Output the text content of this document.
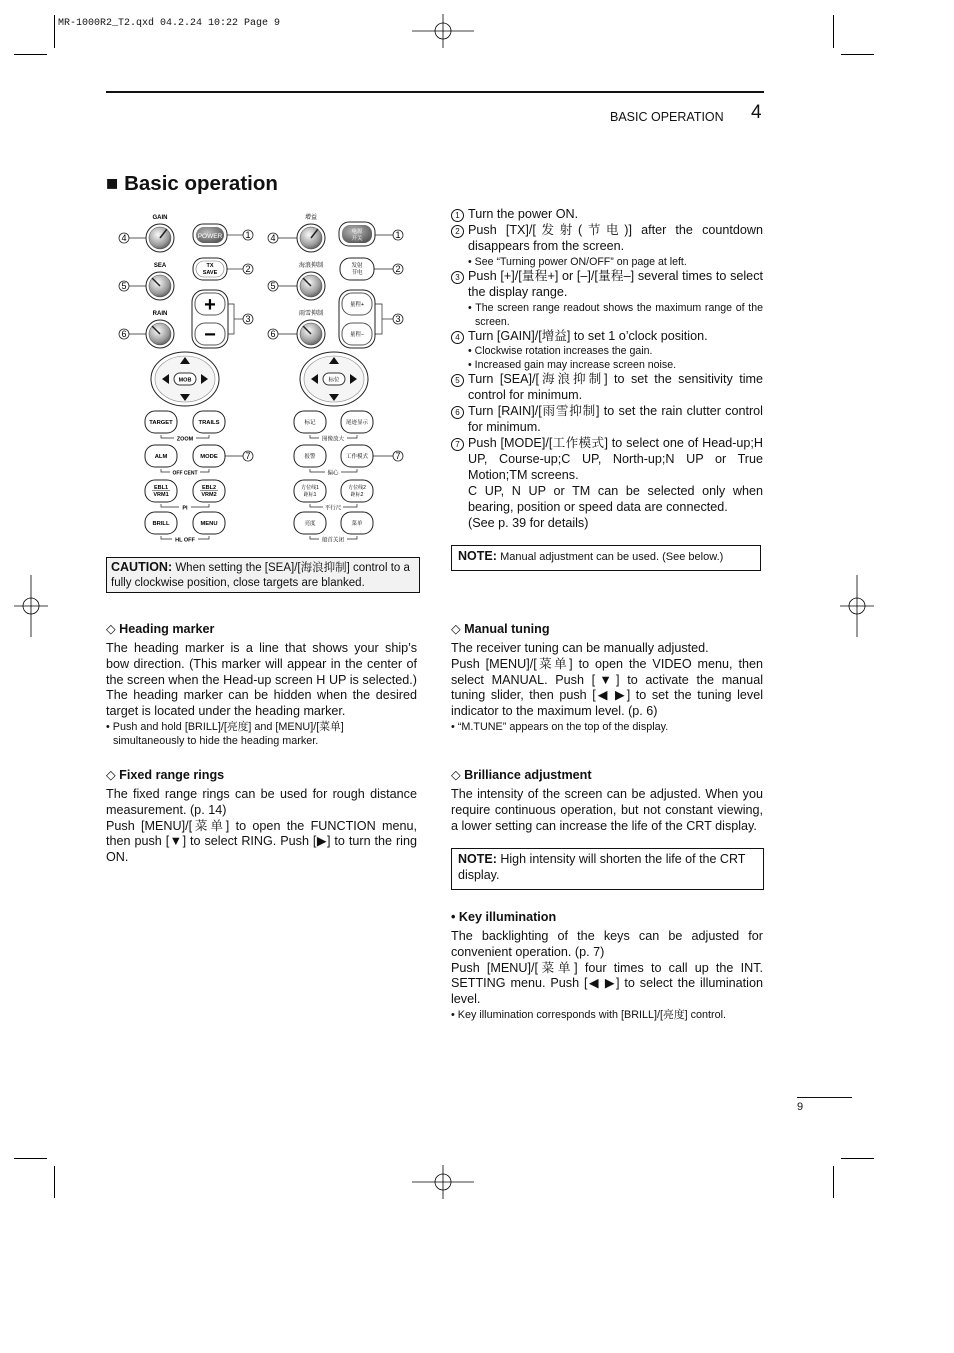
MR-1000R2_T2.qxd 04.2.24 10:22 Page 9
BASIC OPERATION 4
■ Basic operation
GAIN
SEA
RAIN
POWER
TX
SAVE
+
−
MOB
TARGET	TRAILS
ZOOM
ALM	MODE
OFF CENT
EBL1
VRM1
EBL2
VRM2
PI
BRILL	MENU
HL OFF
4
5
6
1
2
3
7
增益
海浪抑制
雨雪抑制
电源
开关
发射
节电
量程+
量程−
标位
标记	尾迹显示
图像放大
报警	工作模式
偏心
方位线1
距标1
方位线2
距标2
平行尺
亮度	菜单
船首关闭
4
5
6
1
2
3
7
CAUTION: When setting the [SEA]/[海浪抑制] control to a fully clockwise position, close targets are blanked.
1 Turn the power ON.
2 Push [TX]/[发射(节电)] after the countdown disappears from the screen.

• See “Turning power ON/OFF” on page at left.

3 Push [+]/[量程+] or [–]/[量程–] several times to select the display range.

• The screen range readout shows the maximum range of the screen.

4 Turn [GAIN]/[增益] to set 1 o’clock position.

• Clockwise rotation increases the gain.

• Increased gain may increase screen noise.

5 Turn [SEA]/[海浪抑制] to set the sensitivity time control for minimum.
6 Turn [RAIN]/[雨雪抑制] to set the rain clutter control for minimum.
7 Push [MODE]/[工作模式] to select one of Head-up;H UP, Course-up;C UP, North-up;N UP or True Motion;TM screens.
C UP, N UP or TM can be selected only when bearing, position or speed data are connected.
(See p. 39 for details)
NOTE: Manual adjustment can be used. (See below.)

◇ Heading marker

The heading marker is a line that shows your ship’s bow direction. (This marker will appear in the center of the screen when the Head-up screen H UP is selected.) The heading marker can be hidden when the desired target is located under the heading marker.

• Push and hold [BRILL]/[亮度] and [MENU]/[菜单] simultaneously to hide the heading marker.

◇ Fixed range rings

The fixed range rings can be used for rough distance measurement. (p. 14)

Push [MENU]/[菜单] to open the FUNCTION menu, then push [▼] to select RING. Push [▶] to turn the ring ON.

◇ Manual tuning

The receiver tuning can be manually adjusted.

Push [MENU]/[菜单] to open the VIDEO menu, then select MANUAL. Push [▼] to activate the manual tuning slider, then push [◀ ▶] to set the tuning level indicator to the maximum level. (p. 6)

• “M.TUNE” appears on the top of the display.

◇ Brilliance adjustment

The intensity of the screen can be adjusted. When you require continuous operation, but not constant viewing, a lower setting can increase the life of the CRT display.

NOTE: High intensity will shorten the life of the CRT display.

• Key illumination

The backlighting of the keys can be adjusted for convenient operation. (p. 7)

Push [MENU]/[菜单] four times to call up the INT. SETTING menu. Push [◀ ▶] to select the illumination level.

• Key illumination corresponds with [BRILL]/[亮度] control.

9
